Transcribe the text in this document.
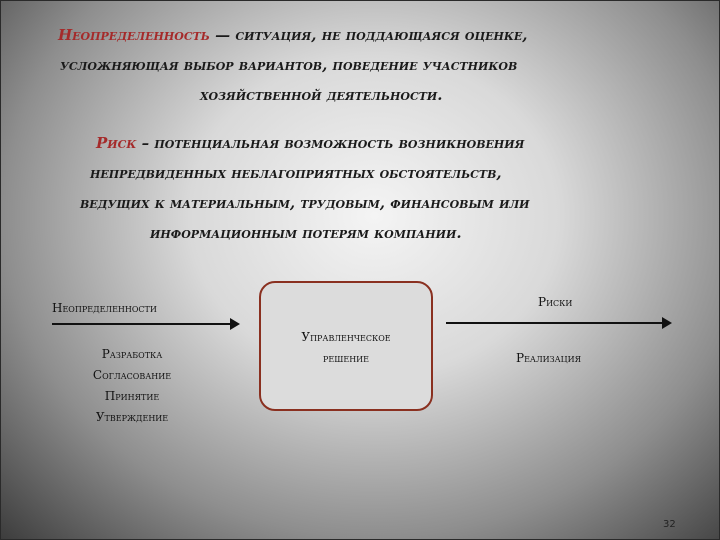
Неопределенность — ситуация, не поддающаяся оценке,
усложняющая выбор вариантов, поведение участников
хозяйственной деятельности.
Риск – потенциальная возможность возникновения
непредвиденных неблагоприятных обстоятельств,
ведущих к материальным, трудовым, финансовым или
информационным потерям компании.
Неопределенности
Управленческое
решение
Риски
Разработка
Согласование
Принятие
Утверждение
Реализация
32
